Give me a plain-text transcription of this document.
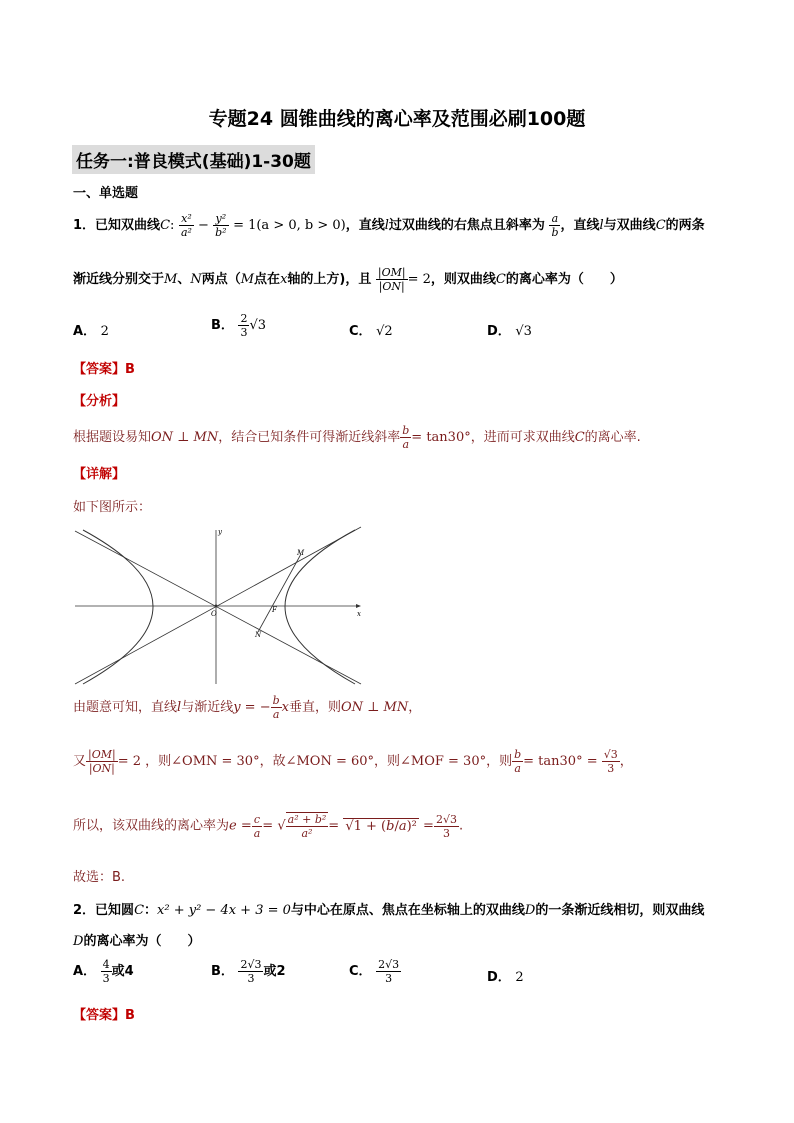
专题24 圆锥曲线的离心率及范围必刷100题
任务一:普良模式(基础)1-30题
一、单选题
1．已知双曲线C: $\frac{\text{x²}}{\text{a²}} - \frac{\text{y²}}{\text{b²}} = 1(a > 0$, b > 0)，直线l过双曲线的右焦点且斜率为 $\frac{a}{b}$ ，直线l与双曲线C的两条
渐近线分别交于M、N两点（M点在x轴的上方)，且 $\frac{|OM|}{|ON|} = 2$，则双曲线C的离心率为（　　）
A． 2	B． $\frac{2}{3} √3$	C． √2	D． √3
【答案】B
【分析】
根据题设易知ON ⊥ MN，结合已知条件可得渐近线斜率 $\frac{b}{a} = \tan 30^\circ$，进而可求双曲线C的离心率.
【详解】
如下图所示：
O	F
M
N
x
y
由题意可知，直线l与渐近线y = − $\frac{b}{a}$ x垂直，则ON ⊥ MN，
又 $\frac{|OM|}{|ON|} = 2$ ，则∠OMN = 30°，故∠MON = 60°，则∠MOF = 30°，则 $\frac{b}{a} = \tan 30^\circ = \frac{√3}{3}$ ，
所以，该双曲线的离心率为$e = \frac{c}{a}$ = √ $\frac{\text{a² + b²}}{\text{a²}} = √1 + (b/a)^2 = \frac{2√3}{3}$ .
故选：B.
2．已知圆C：x² + y² − 4x + 3 = 0与中心在原点、焦点在坐标轴上的双曲线D的一条渐近线相切，则双曲线
D的离心率为（　　）
A． $\frac{4}{3}$ 或4	B． $\frac{2√3}{3}$ 或2	C． $\frac{2√3}{3}$	D． 2
【答案】B
